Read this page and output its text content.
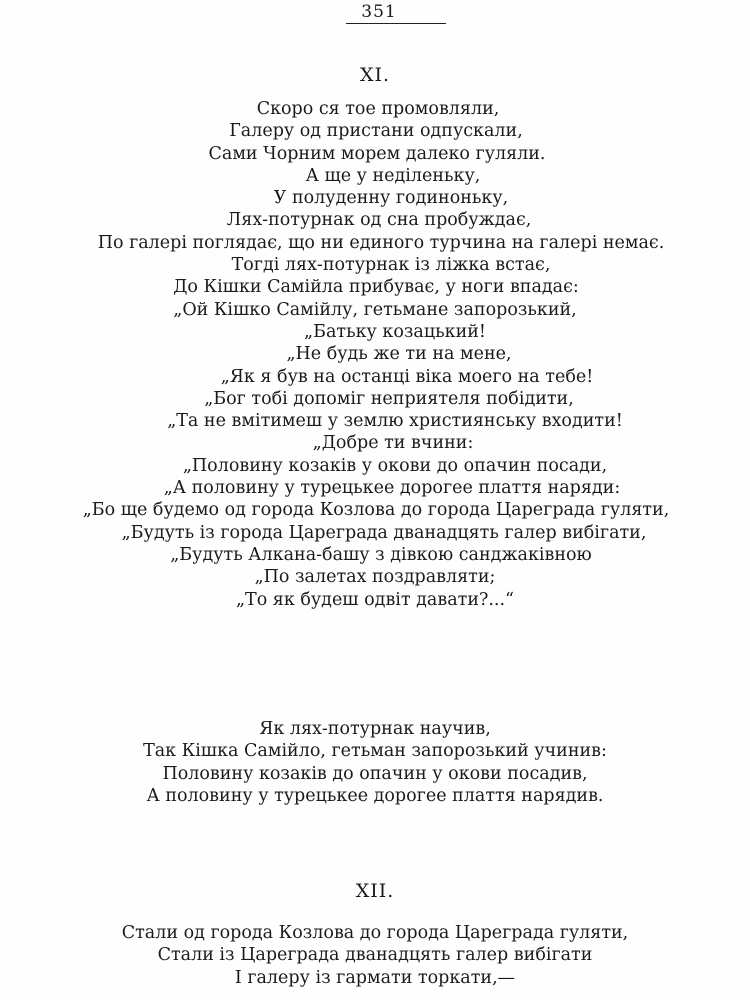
351
XI.
Скоро ся тое промовляли,
Галеру од пристани одпускали,
Сами Чорним морем далеко гуляли.
А ще у неділеньку,
У полуденну годиноньку,
Лях-потурнак од сна пробуждає,
По галері поглядає, що ни единого турчина на галері немає.
Тогді лях-потурнак із ліжка встає,
До Кішки Самійла прибуває, у ноги впадає:
„Ой Кішко Самійлу, гетьмане запорозький,
„Батьку козацький!
„Не будь же ти на мене,
„Як я був на останці віка моего на тебе!
„Бог тобі допоміг неприятеля побідити,
„Та не вмітимеш у землю християнську входити!
„Добре ти вчини:
„Половину козаків у окови до опачин посади,
„А половину у турецькее дорогее плаття наряди:
„Бо ще будемо од города Козлова до города Цареграда гуляти,
„Будуть із города Цареграда дванадцять галер вибігати,
„Будуть Алкана-башу з дівкою санджаківною
„По залетах поздравляти;
„То як будеш одвіт давати?...“
Як лях-потурнак научив,
Так Кішка Самійло, гетьман запорозький учинив:
Половину козаків до опачин у окови посадив,
А половину у турецькее дорогее плаття нарядив.
XII.
Стали од города Козлова до города Цареграда гуляти,
Стали із Цареграда дванадцять галер вибігати
І галеру із гармати торкати,—
